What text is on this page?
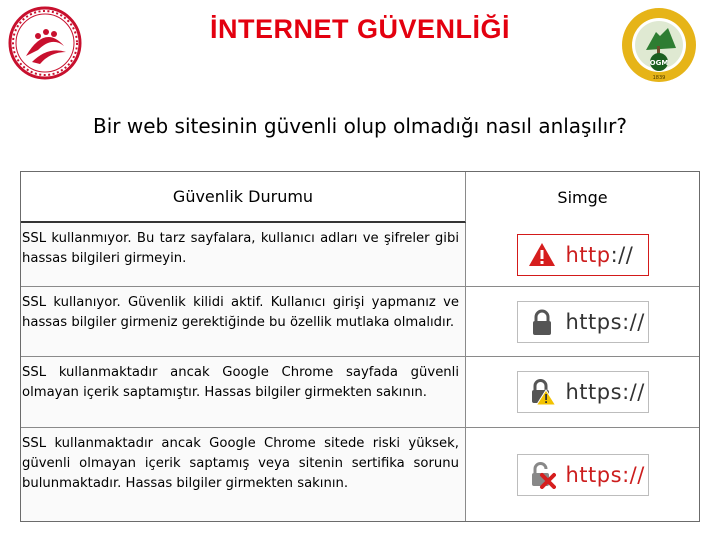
İNTERNET GÜVENLİĞİ
OGM
1839
Bir web sitesinin güvenli olup olmadığı nasıl anlaşılır?
Güvenlik Durumu	Simge
SSL kullanmıyor. Bu tarz sayfalara, kullanıcı adları ve şifreler gibi hassas bilgileri girmeyin.	http://
SSL kullanıyor. Güvenlik kilidi aktif. Kullanıcı girişi yapmanız ve hassas bilgiler girmeniz gerektiğinde bu özellik mutlaka olmalıdır.	https://
SSL kullanmaktadır ancak Google Chrome sayfada güvenli olmayan içerik saptamıştır. Hassas bilgiler girmekten sakının.	https://
SSL kullanmaktadır ancak Google Chrome sitede riski yüksek, güvenli olmayan içerik saptamış veya sitenin sertifika sorunu bulunmaktadır. Hassas bilgiler girmekten sakının.	https://
